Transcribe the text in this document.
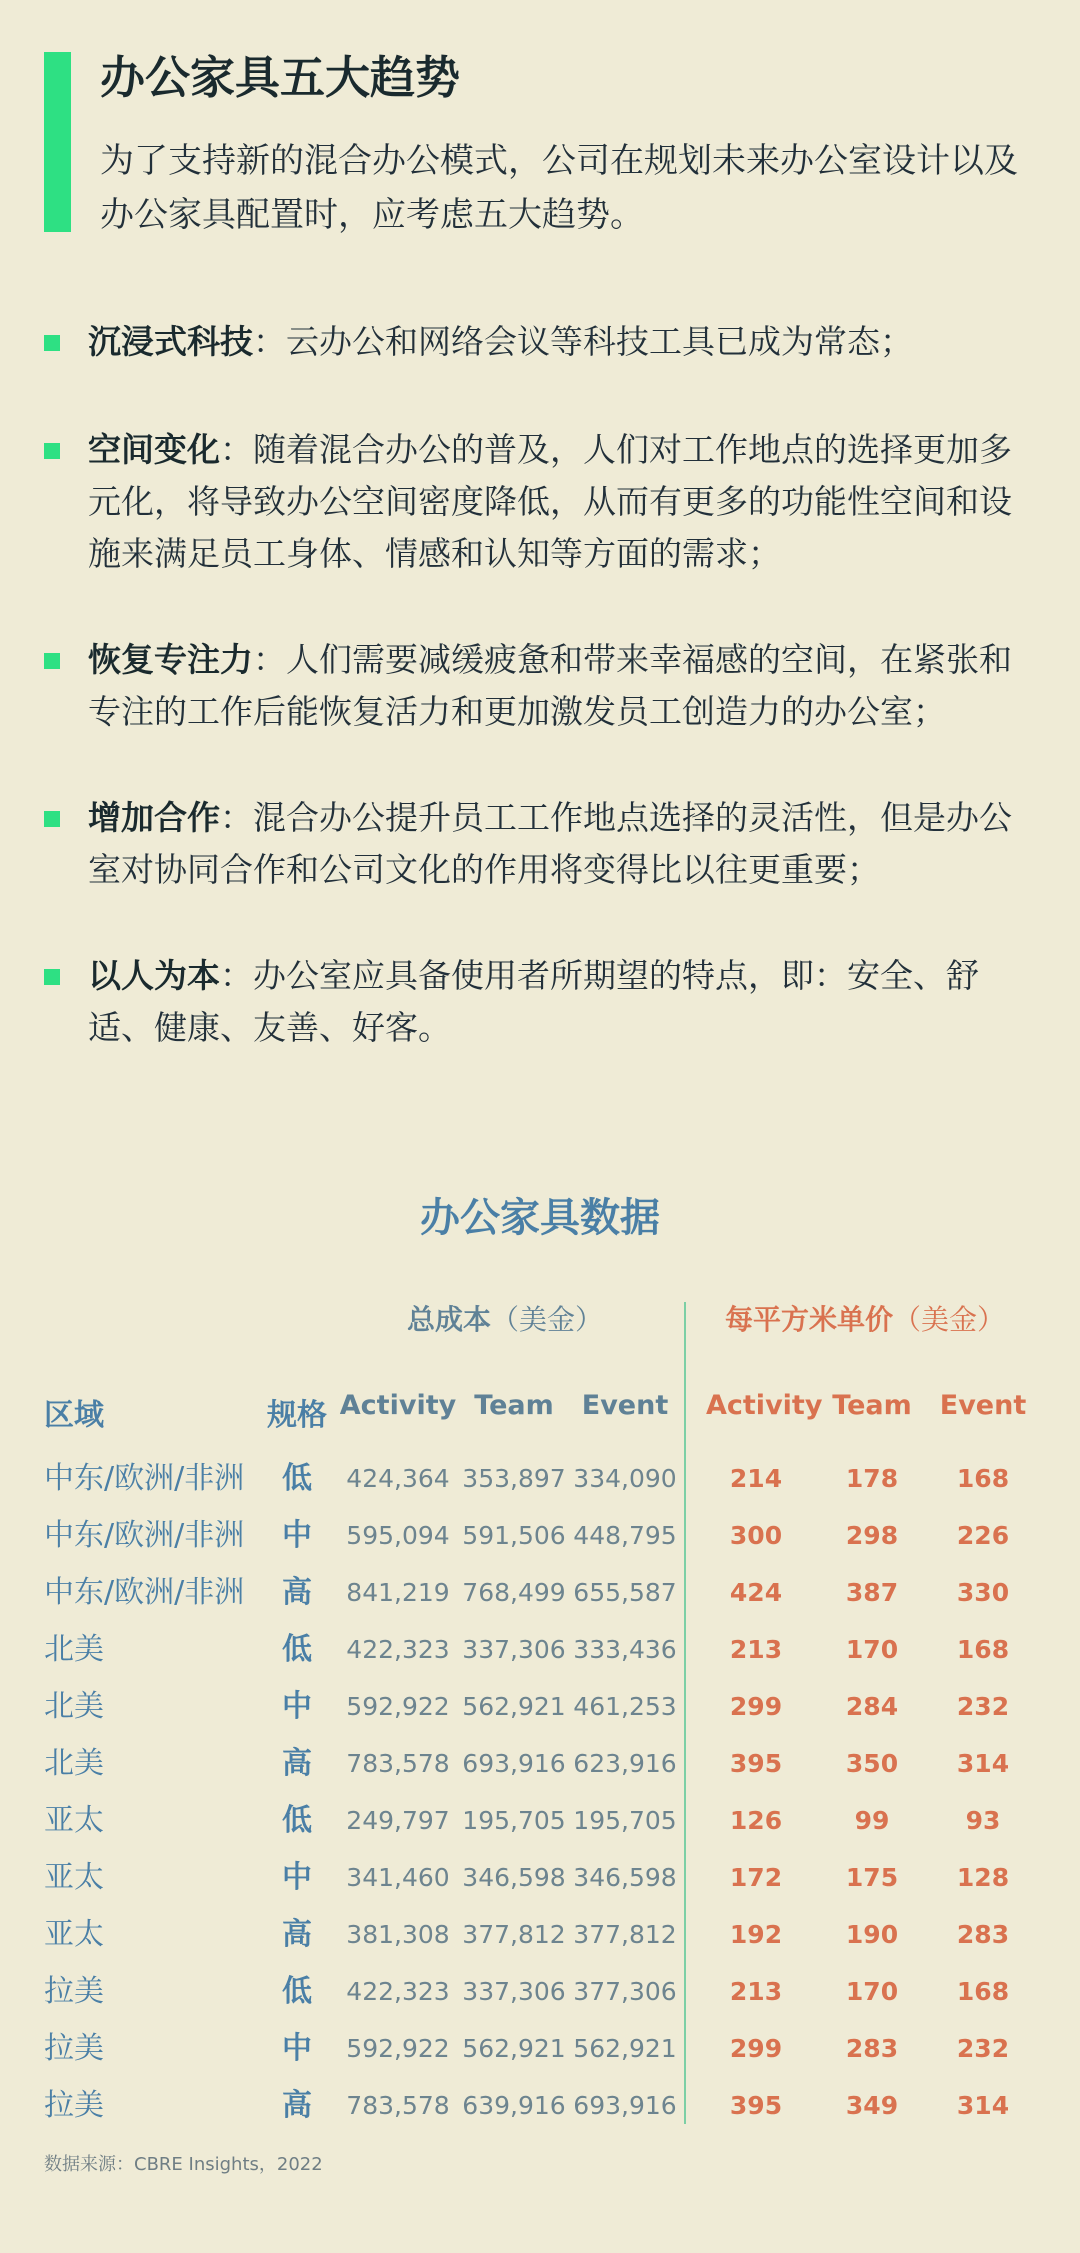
办公家具五大趋势
为了支持新的混合办公模式，公司在规划未来办公室设计以及办公家具配置时，应考虑五大趋势。
沉浸式科技：云办公和网络会议等科技工具已成为常态；
空间变化：随着混合办公的普及，人们对工作地点的选择更加多元化，将导致办公空间密度降低，从而有更多的功能性空间和设施来满足员工身体、情感和认知等方面的需求；
恢复专注力：人们需要减缓疲惫和带来幸福感的空间，在紧张和专注的工作后能恢复活力和更加激发员工创造力的办公室；
增加合作：混合办公提升员工工作地点选择的灵活性，但是办公室对协同合作和公司文化的作用将变得比以往更重要；
以人为本：办公室应具备使用者所期望的特点，即：安全、舒适、健康、友善、好客。
办公家具数据
总成本（美金）	每平方米单价（美金）
区域	规格 Activity Team	Event	Activity Team	Event
中东/欧洲/非洲	低	424,364 353,897 334,090	214	178	168
中东/欧洲/非洲	中	595,094 591,506 448,795	300	298	226
中东/欧洲/非洲	高	841,219 768,499 655,587	424	387	330
北美	低	422,323 337,306 333,436	213	170	168
北美	中	592,922 562,921 461,253	299	284	232
北美	高	783,578 693,916 623,916	395	350	314
亚太	低	249,797 195,705 195,705	126	99	93
亚太	中	341,460 346,598 346,598	172	175	128
亚太	高	381,308 377,812 377,812	192	190	283
拉美	低	422,323 337,306 377,306	213	170	168
拉美	中	592,922 562,921 562,921	299	283	232
拉美	高	783,578 639,916 693,916	395	349	314
数据来源：CBRE Insights，2022
